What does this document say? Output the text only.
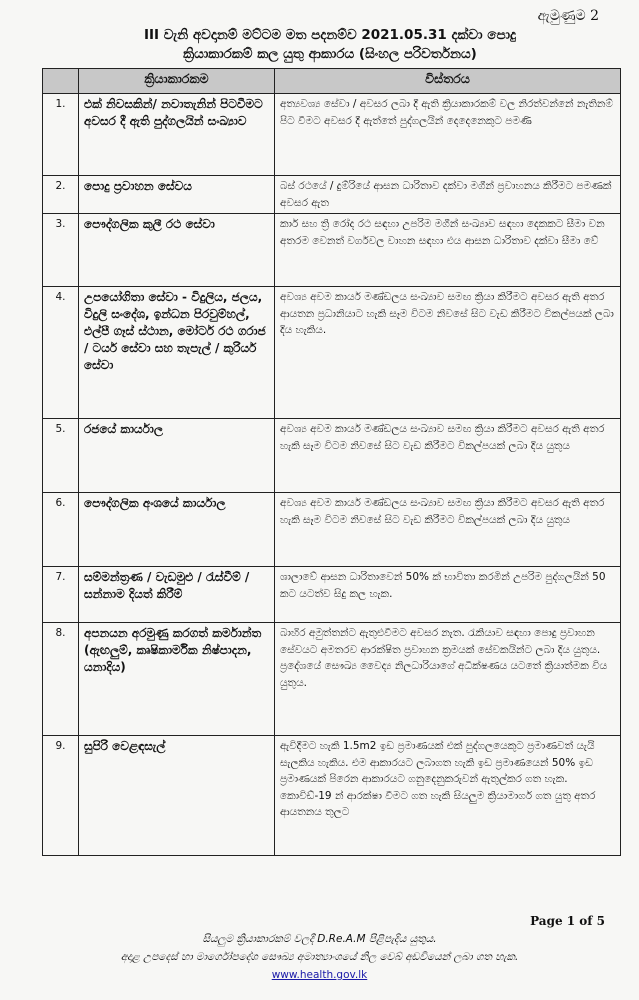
ඇමුණුම 2
III වැනි අවදානම් මට්ටම මත පදනම්ව 2021.05.31 දක්වා පොදු
ක්‍රියාකාරකම් කල යුතු ආකාරය (සිංහල පරිවර්තනය)
	ක්‍රියාකාරකම	විස්තරය
1.	එක් නිවසකින්/ නවාතැනින් පිටවීමට අවසර දී ඇති පුද්ගලයින් සංඛ්‍යාව	අත්‍යවශ්‍ය සේවා / අවසර ලබා දී ඇති ක්‍රියාකාරකම් වල නිරත්වන්නේ නැතිනම් පිට වීමට අවසර දී ඇත්තේ පුද්ගලයින් දෙදෙනෙකුට පමණි
2.	පොදු ප්‍රවාහන සේවය	බස් රථයේ / දුම්රියේ ආසන ධාරිතාව දක්වා මගීන් ප්‍රවාහනය කිරීමට පමණක් අවසර ඇත
3.	පෞද්ගලික කුලී රථ සේවා	කාර් සහ ත්‍රි රෝද රථ සඳහා උපරිම මගීන් සංඛ්‍යාව සඳහා දෙකකට සීමා වන අතරම වෙනත් වර්ගවල වාහන සඳහා එය ආසන ධාරිතාව දක්වා සීමා වේ
4.	උපයෝගිතා සේවා - විදුලිය, ජලය, විදුලි සංදේශ, ඉන්ධන පිරවුම්හල්, එල්පී ගෑස් ස්ථාන, මෝටර් රථ ගරාජ / ටයර් සේවා සහ තැපැල් / කුරියර් සේවා	අවශ්‍ය අවම කාර්ය මණ්ඩලය සංඛ්‍යාව සමඟ ක්‍රියා කිරීමට අවසර ඇති අතර ආයතන ප්‍රධානියාට හැකි සෑම විටම නිවසේ සිට වැඩ කිරීමට විකල්පයක් ලබා දිය හැකිය.
5.	රජයේ කාර්යාල	අවශ්‍ය අවම කාර්ය මණ්ඩලය සංඛ්‍යාව සමඟ ක්‍රියා කිරීමට අවසර ඇති අතර හැකි සෑම විටම නිවසේ සිට වැඩ කිරීමට විකල්පයක් ලබා දිය යුතුය
6.	පෞද්ගලික අංශයේ කාර්යාල	අවශ්‍ය අවම කාර්ය මණ්ඩලය සංඛ්‍යාව සමඟ ක්‍රියා කිරීමට අවසර ඇති අතර හැකි සෑම විටම නිවසේ සිට වැඩ කිරීමට විකල්පයක් ලබා දිය යුතුය
7.	සම්මන්ත්‍රණ / වැඩමුළු / රැස්වීම් / සන්නාම දියත් කිරීම්	ශාලාවේ ආසන ධාරිතාවෙන් 50% ක් භාවිතා කරමින් උපරිම පුද්ගලයින් 50 කට යටත්ව සිදු කල හැක.
8.	අපනයන අරමුණු කරගත් කර්මාන්ත (ඇඟලුම්, කෘෂිකාර්මික නිෂ්පාදන, යනාදිය)	බාහිර අමුත්තන්ට ඇතුළුවීමට අවසර නැත. රැකියාව සඳහා පොදු ප්‍රවාහන සේවයට අමතරව ආරක්ෂිත ප්‍රවාහන ක්‍රමයක් සේවකයින්ට ලබා දිය යුතුය. ප්‍රදේශයේ සෞඛ්‍ය වෛද්‍ය නිලධාරියාගේ අධීක්ෂණය යටතේ ක්‍රියාත්මක විය යුතුය.
9.	සුපිරි වෙළඳසැල්	ඇවිදීමට හැකි 1.5m2 ඉඩ ප්‍රමාණයක් එක් පුද්ගලයෙකුට ප්‍රමාණවත් යැයි සැලකිය හැකිය. එම ආකාරයට ලබාගත හැකි ඉඩ ප්‍රමාණයෙන් 50% ඉඩ ප්‍රමාණයක් පිරෙන ආකාරයට ගනුදෙනුකරුවන් ඇතුල්කර ගත හැක. කොවිඩ්-19 න් ආරක්ෂා වීමට ගත හැකි සියලුම ක්‍රියාමාර්ග ගත යුතු අතර ආයතනය තුලට
Page 1 of 5
සියලුම ක්‍රියාකාරකම් වලදී D.Re.A.M පිළිපැදිය යුතුය.
අදාළ උපදෙස් හා මාර්ගෝපදේශ සෞඛ්‍ය අමාත්‍යාංශයේ නිල වෙබ් අඩවියෙන් ලබා ගත හැක.
www.health.gov.lk
